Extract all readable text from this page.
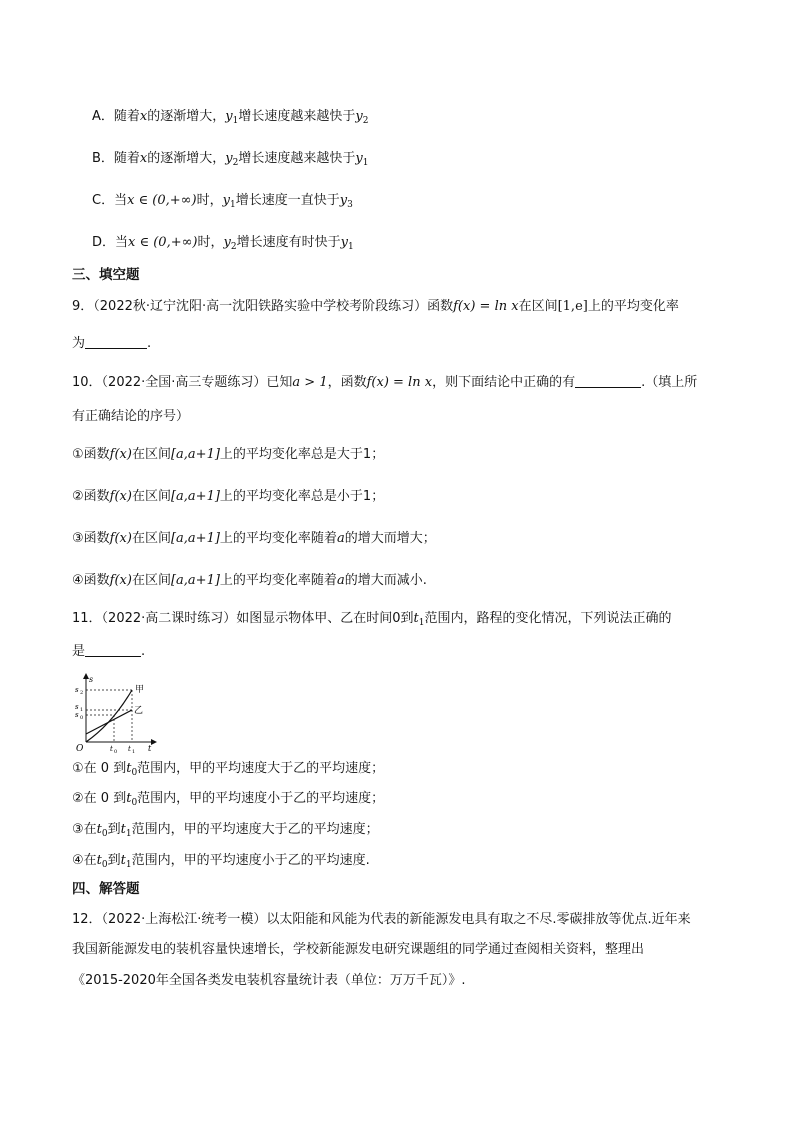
A．随着x的逐渐增大，$y_1$增长速度越来越快于$y_2$
B．随着x的逐渐增大，$y_2$增长速度越来越快于$y_1$
C．当x ∈ (0,+∞)时，$y_1$增长速度一直快于$y_3$
D．当x ∈ (0,+∞)时，$y_2$增长速度有时快于$y_1$
三、填空题
9．（2022秋·辽宁沈阳·高一沈阳铁路实验中学校考阶段练习）函数f(x) = ln x在区间[1,e]上的平均变化率
为	.
10．（2022·全国·高三专题练习）已知a > 1，函数f(x) = ln x，则下面结论中正确的有	.（填上所
有正确结论的序号）
①函数f(x)在区间[a,a+1]上的平均变化率总是大于1；
②函数f(x)在区间[a,a+1]上的平均变化率总是小于1；
③函数f(x)在区间[a,a+1]上的平均变化率随着a的增大而增大；
④函数f(x)在区间[a,a+1]上的平均变化率随着a的增大而减小.
11．（2022·高二课时练习）如图显示物体甲、乙在时间0到$t_1$范围内，路程的变化情况，下列说法正确的
是	.
s
s 2
s 1
s 0
甲
乙
O	t 0 t 1 t
①在 0 到$t_0$范围内，甲的平均速度大于乙的平均速度；
②在 0 到$t_0$范围内，甲的平均速度小于乙的平均速度；
③在$t_0$到$t_1$范围内，甲的平均速度大于乙的平均速度；
④在$t_0$到$t_1$范围内，甲的平均速度小于乙的平均速度.
四、解答题
12．（2022·上海松江·统考一模）以太阳能和风能为代表的新能源发电具有取之不尽.零碳排放等优点.近年来
我国新能源发电的装机容量快速增长，学校新能源发电研究课题组的同学通过查阅相关资料，整理出
《2015-2020年全国各类发电装机容量统计表（单位：万万千瓦）》.
